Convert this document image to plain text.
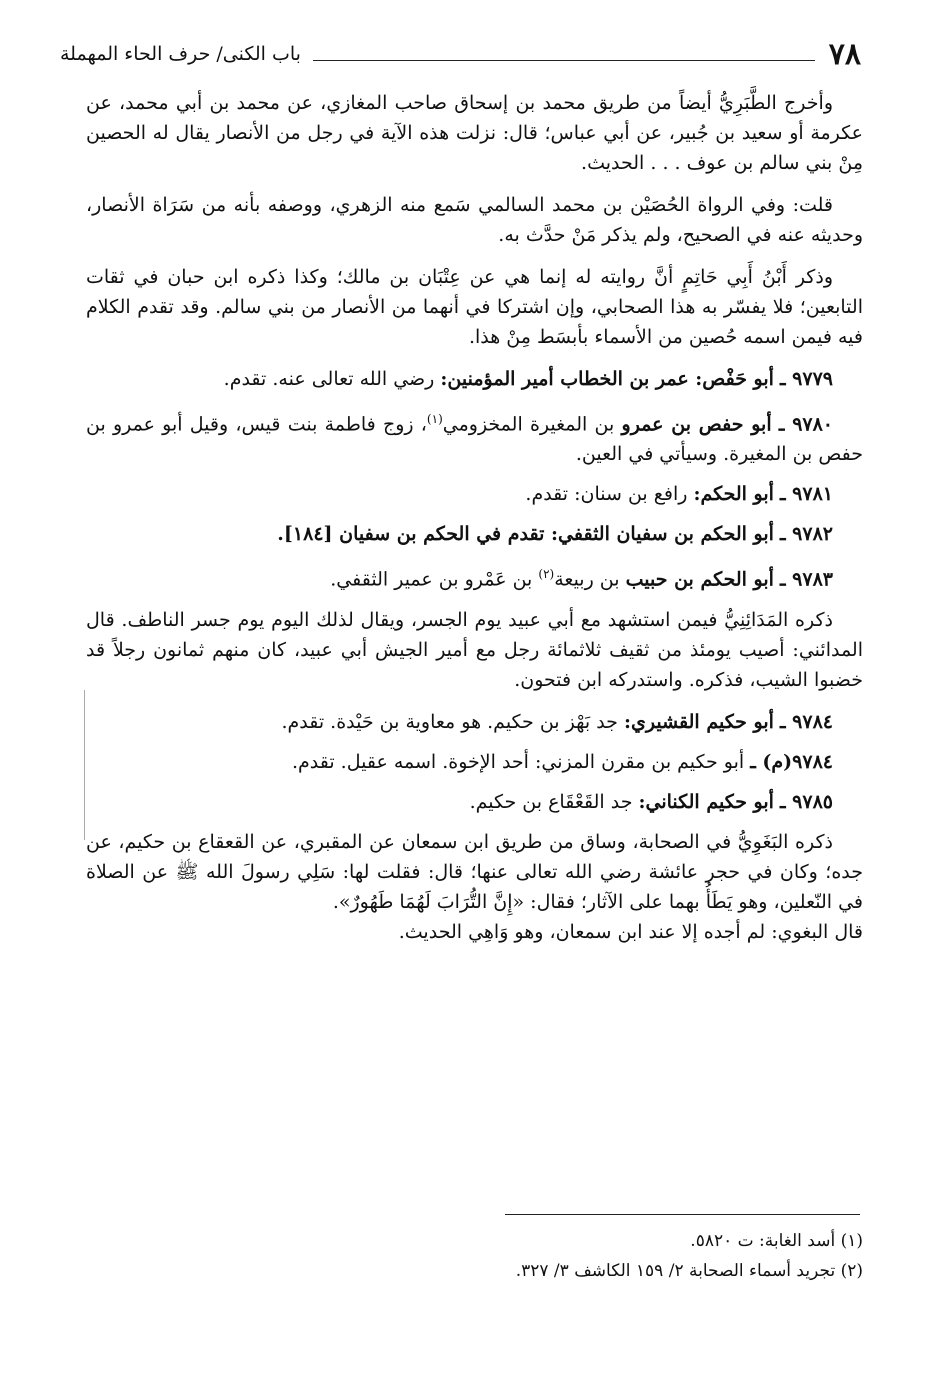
٧٨
باب الكنى/ حرف الحاء المهملة

وأخرج الطَّبَرِيُّ أيضاً من طريق محمد بن إسحاق صاحب المغازي، عن محمد بن أبي محمد، عن عكرمة أو سعيد بن جُبير، عن أبي عباس؛ قال: نزلت هذه الآية في رجل من الأنصار يقال له الحصين مِنْ بني سالم بن عوف . . . الحديث.

قلت: وفي الرواة الحُصَيْن بن محمد السالمي سَمع منه الزهري، ووصفه بأنه من سَرَاة الأنصار، وحديثه عنه في الصحيح، ولم يذكر مَنْ حدَّث به.

وذكر أَبْنُ أَبِي حَاتِمٍ أنَّ روايته له إنما هي عن عِتْبَان بن مالك؛ وكذا ذكره ابن حبان في ثقات التابعين؛ فلا يفسّر به هذا الصحابي، وإن اشتركا في أنهما من الأنصار من بني سالم. وقد تقدم الكلام فيه فيمن اسمه حُصين من الأسماء بأبسَط مِنْ هذا.

٩٧٧٩ ـ أبو حَفْص: عمر بن الخطاب أمير المؤمنين: رضي الله تعالى عنه. تقدم.

٩٧٨٠ ـ أبو حفص بن عمرو بن المغيرة المخزومي$^{(١)}$، زوج فاطمة بنت قيس، وقيل أبو عمرو بن حفص بن المغيرة. وسيأتي في العين.

٩٧٨١ ـ أبو الحكم: رافع بن سنان: تقدم.

٩٧٨٢ ـ أبو الحكم بن سفيان الثقفي: تقدم في الحكم بن سفيان [١٨٤].

٩٧٨٣ ـ أبو الحكم بن حبيب بن ربيعة$^{(٢)}$ بن عَمْرو بن عمير الثقفي.

ذكره المَدَائِنِيُّ فيمن استشهد مع أبي عبيد يوم الجسر، ويقال لذلك اليوم يوم جسر الناطف. قال المدائني: أصيب يومئذ من ثقيف ثلاثمائة رجل مع أمير الجيش أبي عبيد، كان منهم ثمانون رجلاً قد خضبوا الشيب، فذكره. واستدركه ابن فتحون.

٩٧٨٤ ـ أبو حكيم القشيري: جد بَهْز بن حكيم. هو معاوية بن حَيْدة. تقدم.

٩٧٨٤(م) ـ أبو حكيم بن مقرن المزني: أحد الإخوة. اسمه عقيل. تقدم.

٩٧٨٥ ـ أبو حكيم الكناني: جد القَعْقَاع بن حكيم.

ذكره البَغَوِيُّ في الصحابة، وساق من طريق ابن سمعان عن المقبري، عن القعقاع بن حكيم، عن جده؛ وكان في حجر عائشة رضي الله تعالى عنها؛ قال: فقلت لها: سَلِي رسولَ الله ﷺ عن الصلاة في النّعلين، وهو يَطَأُ بهما على الآثار؛ فقال: «إِنَّ التُّرَابَ لَهُمَا طَهُورٌ».

قال البغوي: لم أجده إلا عند ابن سمعان، وهو وَاهِي الحديث.

(١) أسد الغابة: ت ٥٨٢٠.

(٢) تجريد أسماء الصحابة ٢/ ١٥٩ الكاشف ٣/ ٣٢٧.
